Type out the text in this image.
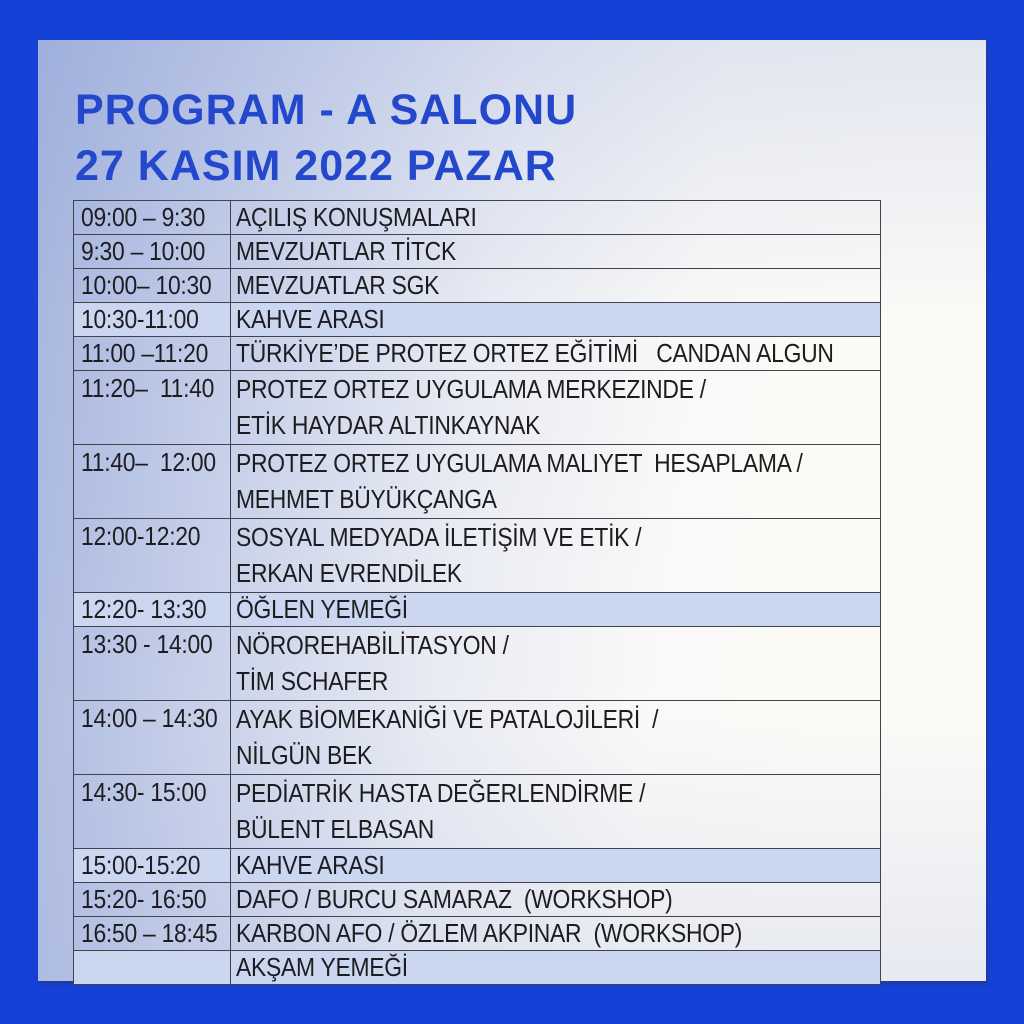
PROGRAM - A SALONU
27 KASIM 2022 PAZAR
09:00 – 9:30 AÇILIŞ KONUŞMALARI
9:30 – 10:00 MEVZUATLAR TİTCK
10:00– 10:30 MEVZUATLAR SGK
10:30-11:00 KAHVE ARASI
11:00 –11:20 TÜRKİYE’DE PROTEZ ORTEZ EĞİTİMİ   CANDAN ALGUN
11:20–  11:40 PROTEZ ORTEZ UYGULAMA MERKEZINDE /
ETİK HAYDAR ALTINKAYNAK
11:40–  12:00 PROTEZ ORTEZ UYGULAMA MALIYET  HESAPLAMA /
MEHMET BÜYÜKÇANGA
12:00-12:20 SOSYAL MEDYADA İLETİŞİM VE ETİK /
ERKAN EVRENDİLEK
12:20- 13:30 ÖĞLEN YEMEĞİ
13:30 - 14:00 NÖROREHABİLİTASYON /
TİM SCHAFER
14:00 – 14:30 AYAK BİOMEKANİĞİ VE PATALOJİLERİ  /
NİLGÜN BEK
14:30- 15:00 PEDİATRİK HASTA DEĞERLENDİRME /
BÜLENT ELBASAN
15:00-15:20 KAHVE ARASI
15:20- 16:50 DAFO / BURCU SAMARAZ  (WORKSHOP)
16:50 – 18:45 KARBON AFO / ÖZLEM AKPINAR  (WORKSHOP)
AKŞAM YEMEĞİ
